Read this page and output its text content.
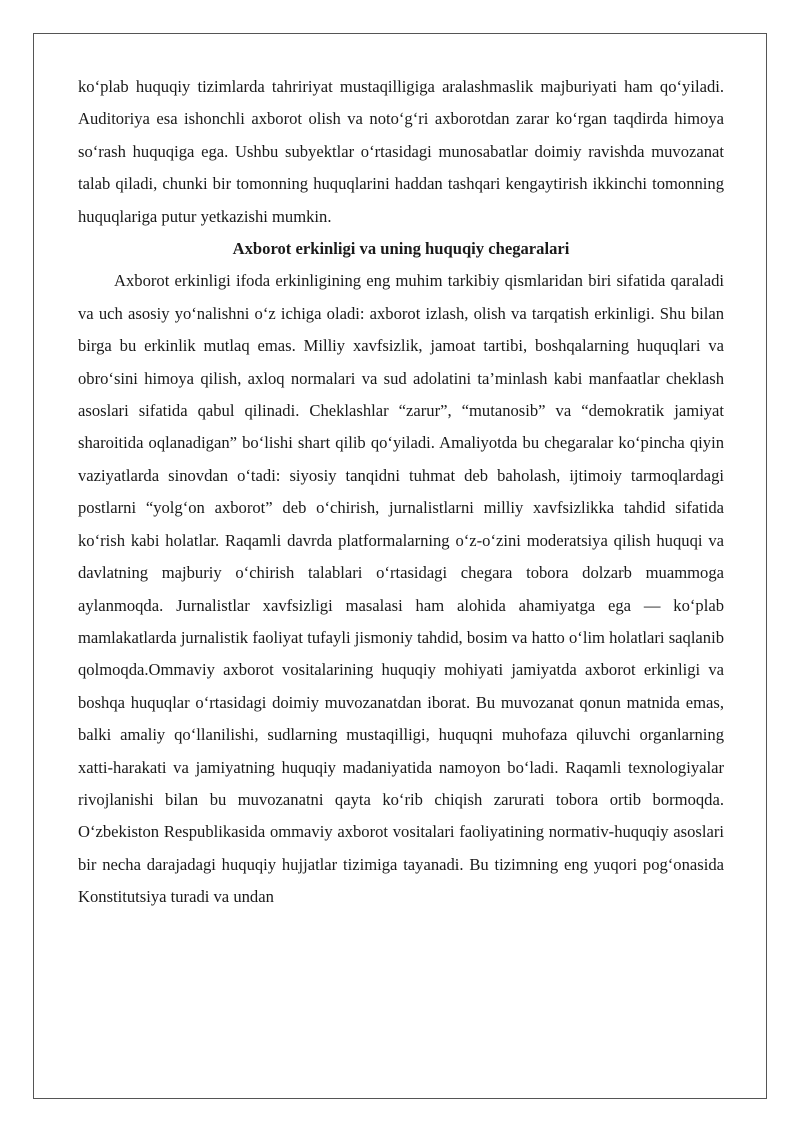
ko‘plab huquqiy tizimlarda tahririyat mustaqilligiga aralashmaslik majburiyati ham qo‘yiladi. Auditoriya esa ishonchli axborot olish va noto‘g‘ri axborotdan zarar ko‘rgan taqdirda himoya so‘rash huquqiga ega. Ushbu subyektlar o‘rtasidagi munosabatlar doimiy ravishda muvozanat talab qiladi, chunki bir tomonning huquqlarini haddan tashqari kengaytirish ikkinchi tomonning huquqlariga putur yetkazishi mumkin.

Axborot erkinligi va uning huquqiy chegaralari

Axborot erkinligi ifoda erkinligining eng muhim tarkibiy qismlaridan biri sifatida qaraladi va uch asosiy yo‘nalishni o‘z ichiga oladi: axborot izlash, olish va tarqatish erkinligi. Shu bilan birga bu erkinlik mutlaq emas. Milliy xavfsizlik, jamoat tartibi, boshqalarning huquqlari va obro‘sini himoya qilish, axloq normalari va sud adolatini ta’minlash kabi manfaatlar cheklash asoslari sifatida qabul qilinadi. Cheklashlar “zarur”, “mutanosib” va “demokratik jamiyat sharoitida oqlanadigan” bo‘lishi shart qilib qo‘yiladi. Amaliyotda bu chegaralar ko‘pincha qiyin vaziyatlarda sinovdan o‘tadi: siyosiy tanqidni tuhmat deb baholash, ijtimoiy tarmoqlardagi postlarni “yolg‘on axborot” deb o‘chirish, jurnalistlarni milliy xavfsizlikka tahdid sifatida ko‘rish kabi holatlar. Raqamli davrda platformalarning o‘z-o‘zini moderatsiya qilish huquqi va davlatning majburiy o‘chirish talablari o‘rtasidagi chegara tobora dolzarb muammoga aylanmoqda. Jurnalistlar xavfsizligi masalasi ham alohida ahamiyatga ega — ko‘plab mamlakatlarda jurnalistik faoliyat tufayli jismoniy tahdid, bosim va hatto o‘lim holatlari saqlanib qolmoqda.Ommaviy axborot vositalarining huquqiy mohiyati jamiyatda axborot erkinligi va boshqa huquqlar o‘rtasidagi doimiy muvozanatdan iborat. Bu muvozanat qonun matnida emas, balki amaliy qo‘llanilishi, sudlarning mustaqilligi, huquqni muhofaza qiluvchi organlarning xatti-harakati va jamiyatning huquqiy madaniyatida namoyon bo‘ladi. Raqamli texnologiyalar rivojlanishi bilan bu muvozanatni qayta ko‘rib chiqish zarurati tobora ortib bormoqda. O‘zbekiston Respublikasida ommaviy axborot vositalari faoliyatining normativ-huquqiy asoslari bir necha darajadagi huquqiy hujjatlar tizimiga tayanadi. Bu tizimning eng yuqori pog‘onasida Konstitutsiya turadi va undan
